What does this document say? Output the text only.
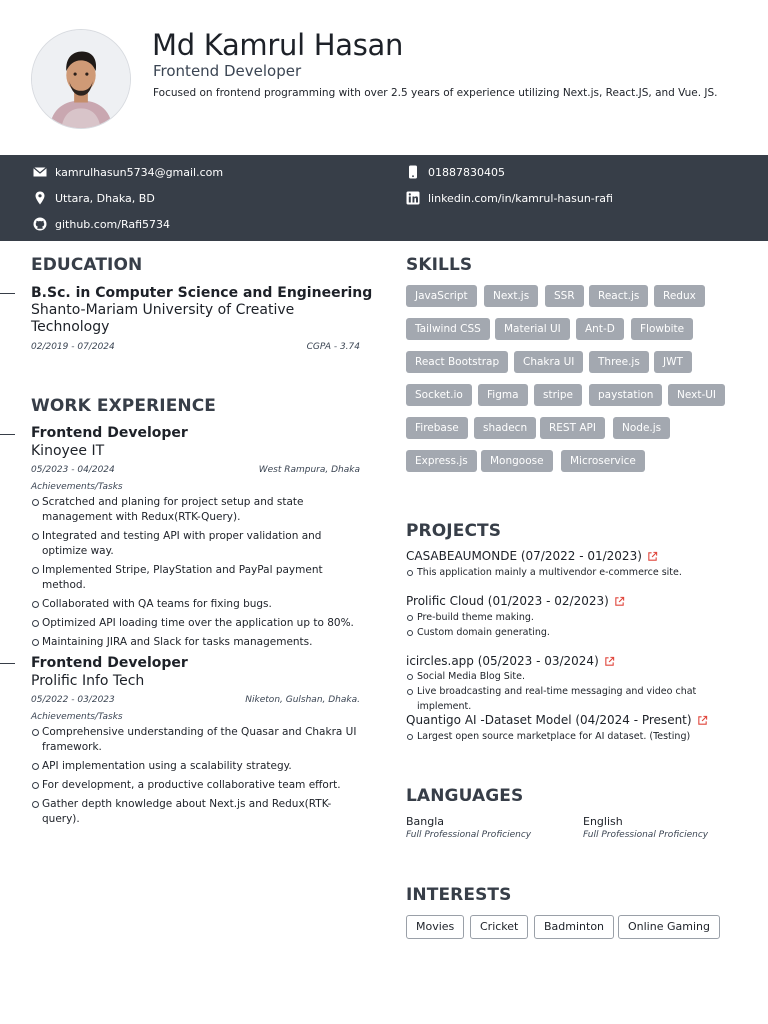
Md Kamrul Hasan
Frontend Developer
Focused on frontend programming with over 2.5 years of experience utilizing Next.js, React.JS, and Vue. JS.
kamrulhasun5734@gmail.com	01887830405
Uttara, Dhaka, BD	linkedin.com/in/kamrul-hasun-rafi
github.com/Rafi5734
EDUCATION
B.Sc. in Computer Science and Engineering
Shanto-Mariam University of Creative Technology
02/2019 - 07/2024	CGPA - 3.74
WORK EXPERIENCE
Frontend Developer
Kinoyee IT
05/2023 - 04/2024	West Rampura, Dhaka
Achievements/Tasks
Scratched and planing for project setup and state management with Redux(RTK-Query).
Integrated and testing API with proper validation and optimize way.
Implemented Stripe, PlayStation and PayPal payment method.
Collaborated with QA teams for fixing bugs.
Optimized API loading time over the application up to 80%.
Maintaining JIRA and Slack for tasks managements.
Frontend Developer
Prolific Info Tech
05/2022 - 03/2023	Niketon, Gulshan, Dhaka.
Achievements/Tasks
Comprehensive understanding of the Quasar and Chakra UI framework.
API implementation using a scalability strategy.
For development, a productive collaborative team effort.
Gather depth knowledge about Next.js and Redux(RTK-query).
SKILLS
JavaScript	Next.js	SSR	React.js	Redux
Tailwind CSS	Material UI	Ant-D	Flowbite
React Bootstrap	Chakra UI	Three.js	JWT
Socket.io	Figma	stripe	paystation	Next-UI
Firebase	shadecn	REST API	Node.js
Express.js	Mongoose	Microservice
PROJECTS
CASABEAUMONDE (07/2022 - 01/2023)
This application mainly a multivendor e-commerce site.
Prolific Cloud (01/2023 - 02/2023)
Pre-build theme making.
Custom domain generating.
icircles.app (05/2023 - 03/2024)
Social Media Blog Site.
Live broadcasting and real-time messaging and video chat implement.
Quantigo AI -Dataset Model (04/2024 - Present)
Largest open source marketplace for AI dataset. (Testing)
LANGUAGES
Bangla
Full Professional Proficiency
English
Full Professional Proficiency
INTERESTS
Movies	Cricket	Badminton	Online Gaming
